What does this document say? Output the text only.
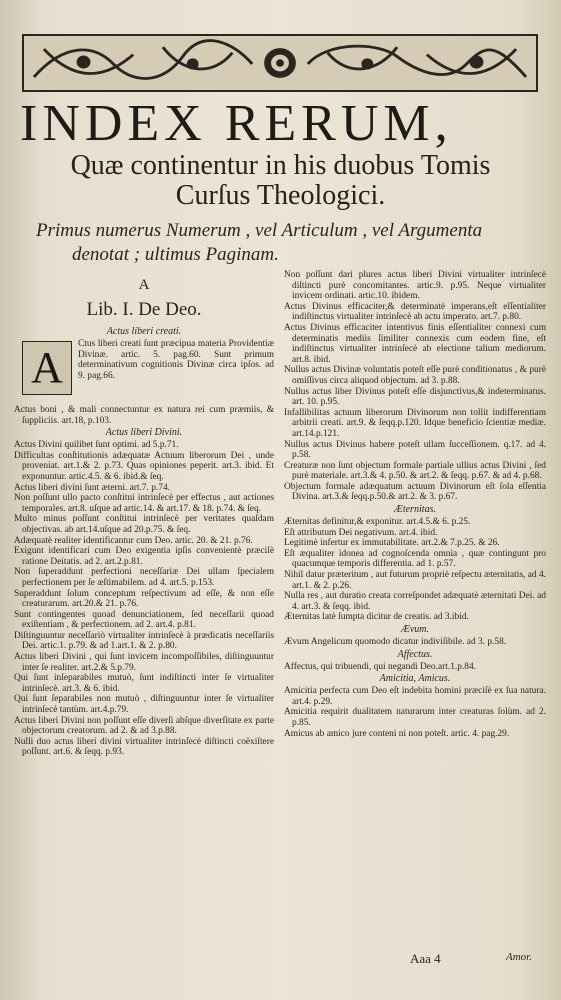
INDEX RERUM,
Quæ continentur in his duobus Tomis
Curſus Theologici.
Primus numerus Numerum , vel Articulum , vel Argumenta
denotat ; ultimus Paginam.
A
Lib. I. De Deo.
Actus liberi creati.
A	Ctus liberi creati ſunt præcipua materia Providentiæ Divinæ. artic. 5. pag.60. Sunt primum determinativum cognitionis Divinæ circa ipſos. ad 9. pag.66.

Actus boni , & mali connectuntur ex natura rei cum præmiis, & ſuppliciis. art.18, p.103.

Actus liberi Divini.

Actus Divini quilibet ſunt optimi. ad 5.p.71.

Difficultas conſtitutionis adæquatæ Actuum liberorum Dei , unde proveniat. art.1.& 2. p.73. Quas opiniones peperit. art.3. ibid. Et exponuntur. artic.4.5. & 6. ibid.& ſeq.

Actus liberi divini ſunt æterni. art.7. p.74.

Non poſſunt ullo pacto conſtitui intrinſecè per effectus , aut actiones temporales. art.8. uſque ad artic.14. & art.17. & 18. p.74. & ſeq.

Multo minus poſſunt conſtitui intrinſecè per veritates quaſdam objectivas. ab art.14.uſque ad 20.p.75. & ſeq.

Adæquatè realiter identificantur cum Deo. artic. 20. & 21. p.76.

Exigunt identificari cum Deo exigentia ipſis convenientè præciſè ratione Deitatis. ad 2. art.2.p.81.

Non ſuperaddunt perfectioni neceſſariæ Dei ullam ſpecialem perfectionem per ſe æſtimabilem. ad 4. art.5. p.153.

Superaddunt ſolum conceptum reſpectivum ad eſſe, & non eſſe creaturarum. art.20.& 21. p.76.

Sunt contingentes quoad denunciationem, ſed neceſſarii quoad exiſtentiam , & perfectionem. ad 2. art.4. p.81.

Diſtinguuntur neceſſariò virtualiter intrinſecè à prædicatis neceſſariis Dei. artic.1. p.79. & ad 1.art.1. & 2. p.80.

Actus liberi Divini , qui ſunt invicem incompoſſibiles, diſtinguuntur inter ſe realiter. art.2.& 5.p.79.

Qui ſunt inſeparabiles mutuò, ſunt indiſtincti inter ſe virtualiter intrinſecè. art.3. & 6. ibid.

Qui ſunt ſeparabiles non mutuò , diſtinguuntur inter ſe virtualiter intrinſecè tantùm. art.4.p.79.

Actus liberi Divini non poſſunt eſſe diverſi abſque diverſitate ex parte objectorum creatorum. ad 2. & ad 3.p.88.

Nulli duo actus liberi divini virtualiter intrinſecè diſtincti coëxiſtere poſſunt. art.6. & ſeqq. p.93.

Non poſſunt dari plures actus liberi Divini virtualiter intrinſecè diſtincti purè concomitantes. artic.9. p.95. Neque virtualiter invicem ordinati. artic.10. ibidem.

Actus Divinus efficaciter,& determinatè imperans,eſt eſſentialiter indiſtinctus virtualiter intrinſecè ab actu imperato. art.7. p.80.

Actus Divinus efficaciter intentivus finis eſſentialiter connexi cum determinatis mediis ſimiliter connexis cum eodem fine, eſt indiſtinctus virtualiter intrinſecè ab electione talium mediorum. art.8. ibid.

Nullus actus Divinæ voluntatis poteſt eſſe purè conditionatus , & purè omiſſivus circa aliquod objectum. ad 3. p.88.

Nullus actus liber Divinus poteſt eſſe disjunctivus,& indeterminatus. art. 10. p.95.

Infallibilitas actuum liberorum Divinorum non tollit indifferentiam arbitrii creati. art.9. & ſeqq.p.120. Idque beneficio ſcientiæ mediæ. art.14.p.121.

Nullus actus Divinus habere poteſt ullam ſucceſſionem. q.17. ad 4. p.58.

Creaturæ non ſunt objectum formale partiale ullius actus Divini , ſed purè materiale. art.3.& 4. p.50. & art.2. & ſeqq. p.67. & ad 4. p.68.

Objectum formale adæquatum actuum Divinorum eſt ſola eſſentia Divina. art.3.& ſeqq.p.50.& art.2. & 3. p.67.

Æternitas.

Æternitas definitur,& exponitur. art.4.5.& 6. p.25.

Eſt attributum Dei negativum. art.4. ibid.

Legitimè infertur ex immutabilitate. art.2.& 7.p.25. & 26.

Eſt æqualiter idonea ad cognoſcenda omnia , quæ contingunt pro quacumque temporis differentia. ad 1. p.57.

Nihil datur præteritum , aut futurum propriè reſpectu æternitatis, ad 4. art.1. & 2. p.26.

Nulla res , aut duratio creata correſpondet adæquatè æternitati Dei. ad 4. art.3. & ſeqq. ibid.

Æternitas latè ſumpta dicitur de creatis. ad 3.ibid.

Ævum.

Ævum Angelicum quomodo dicatur indiviſibile. ad 3. p.58.

Affectus.

Affectus, qui tribuendi, qui negandi Deo.art.1.p.84.

Amicitia, Amicus.

Amicitia perfecta cum Deo eſt indebita homini præciſè ex ſua natura. art.4. p.29.

Amicitia requirit dualitatem naturarum inter creaturas ſolùm. ad 2. p.85.

Amicus ab amico jure conteni ni non poteſt. artic. 4. pag.29.

Aaa 4	Amor.
